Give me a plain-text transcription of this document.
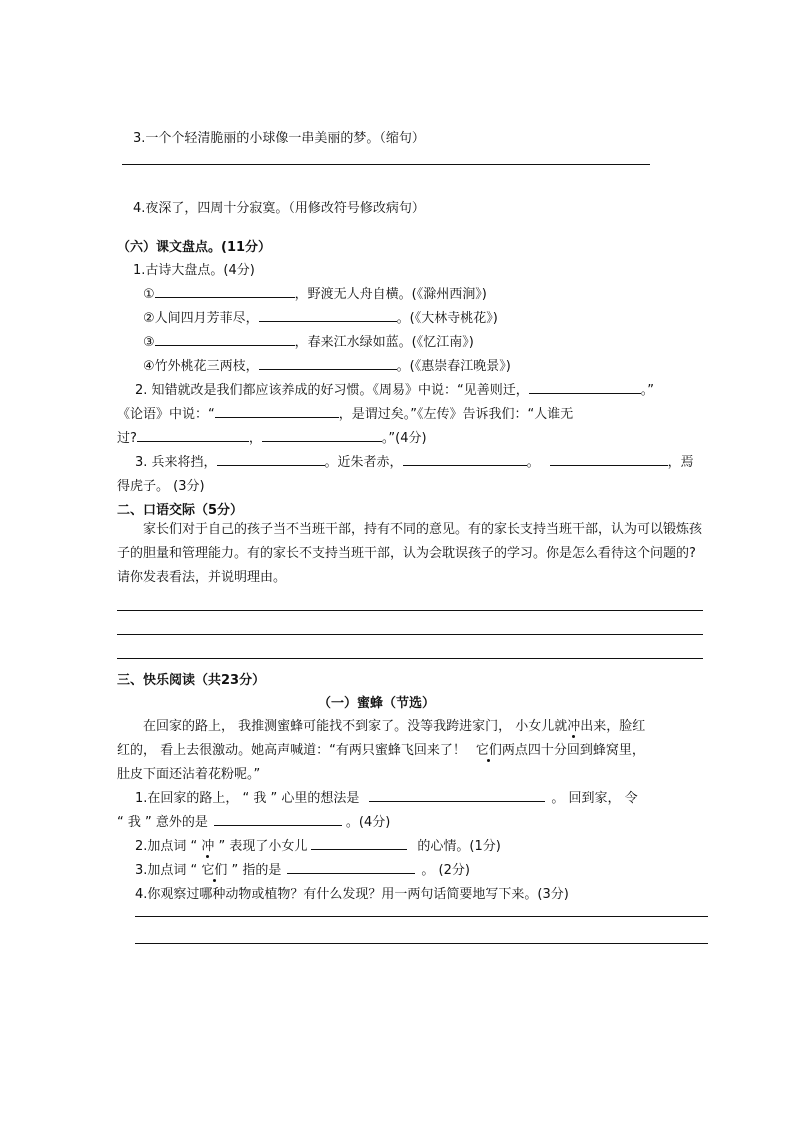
3.一个个轻清脆丽的小球像一串美丽的梦。（缩句）
4.夜深了，四周十分寂寞。（用修改符号修改病句）
（六）课文盘点。(11分）
1.古诗大盘点。(4分)
①	，野渡无人舟自横。(《滁州西涧》)
②人间四月芳菲尽，	。(《大林寺桃花》)
③	，春来江水绿如蓝。(《忆江南》)
④竹外桃花三两枝，	。(《惠崇春江晚景》)
2. 知错就改是我们都应该养成的好习惯。《周易》中说：“见善则迁，	。”
《论语》中说：“	，是谓过矣。”《左传》告诉我们：“人谁无
过?	，	。”(4分)
3. 兵来将挡，	。近朱者赤，	。	，焉
得虎子。 (3分)
二、口语交际（5分）
家长们对于自己的孩子当不当班干部，持有不同的意见。有的家长支持当班干部，认为可以锻炼孩子的胆量和管理能力。有的家长不支持当班干部，认为会耽误孩子的学习。你是怎么看待这个问题的?请你发表看法，并说明理由。
三、快乐阅读（共23分）
（一）蜜蜂（节选）
在回家的路上， 我推测蜜蜂可能找不到家了。没等我跨进家门， 小女儿就冲出来，脸红
红的， 看上去很激动。她高声喊道：“有两只蜜蜂飞回来了！ 它们两点四十分回到蜂窝里，
肚皮下面还沾着花粉呢。”
1.在回家的路上， “ 我 ” 心里的想法是	。 回到家， 令
“ 我 ” 意外的是	。(4分)
2.加点词 “ 冲 ” 表现了小女儿	的心情。(1分)
3.加点词 “ 它们 ” 指的是	。 (2分)
4.你观察过哪种动物或植物？有什么发现？用一两句话简要地写下来。(3分)
